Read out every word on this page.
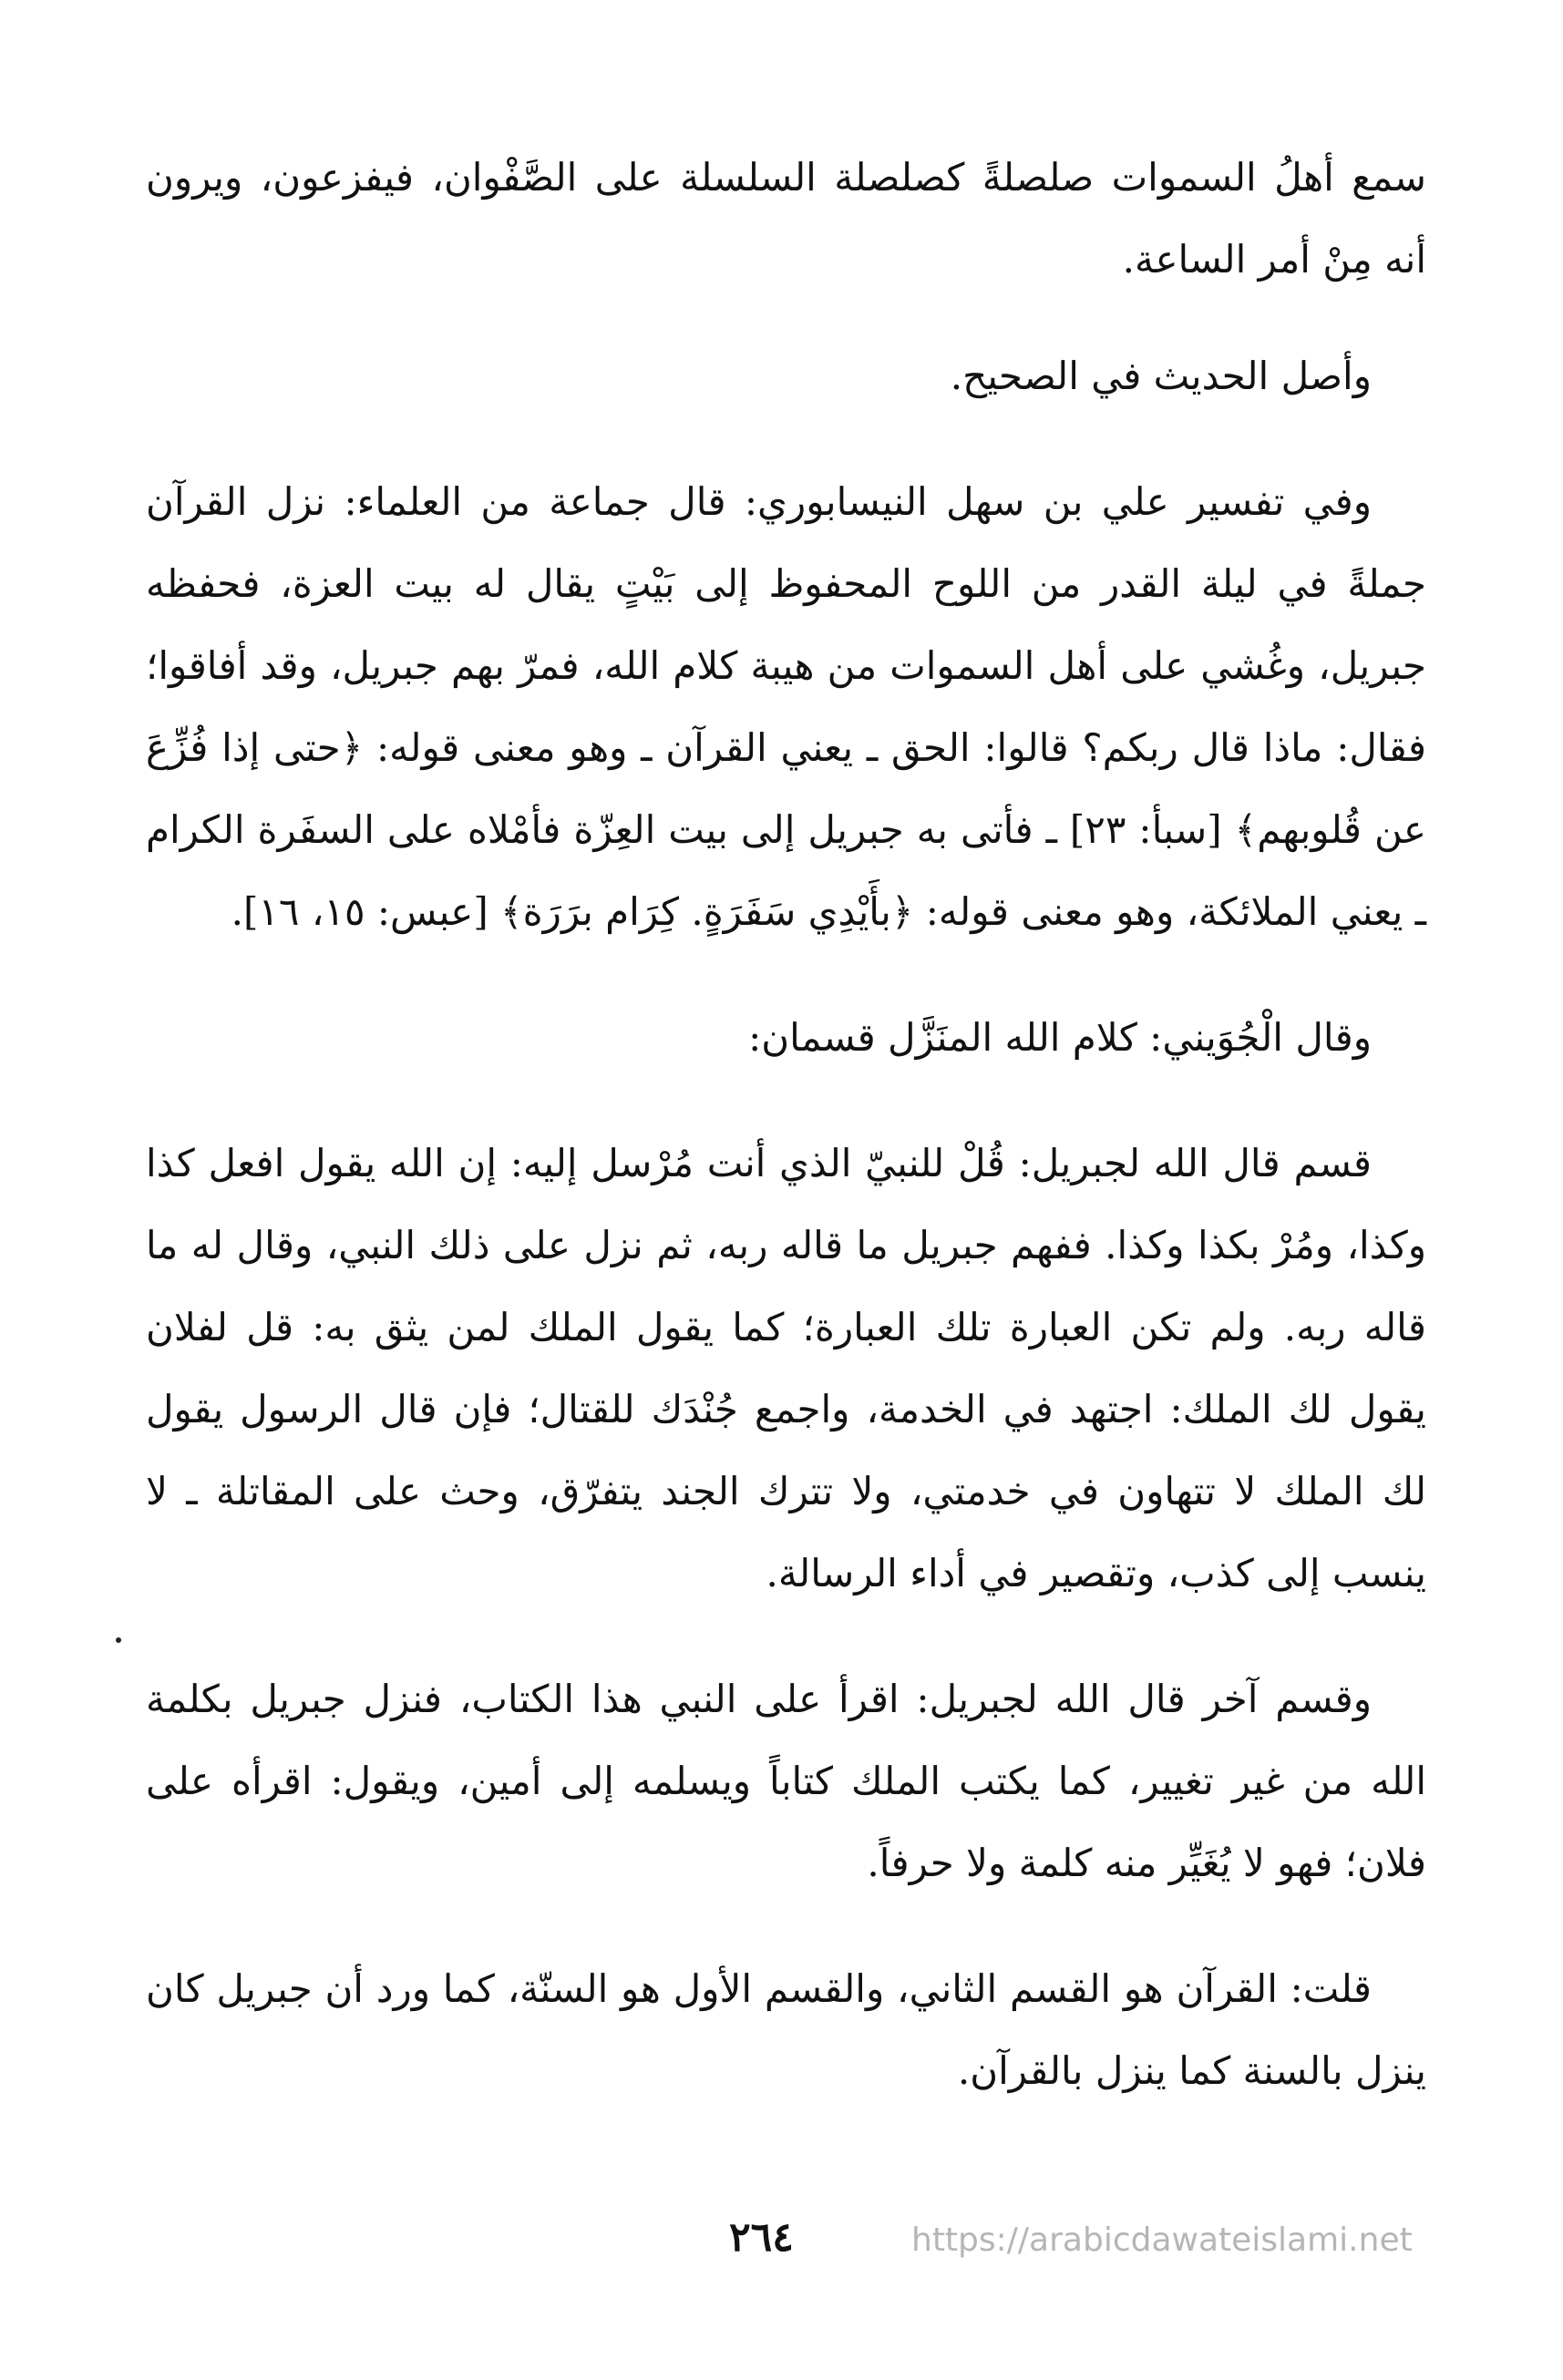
سمع أهلُ السموات صلصلةً كصلصلة السلسلة على الصَّفْوان، فيفزعون، ويرون أنه مِنْ أمر الساعة.

وأصل الحديث في الصحيح.

وفي تفسير علي بن سهل النيسابوري: قال جماعة من العلماء: نزل القرآن جملةً في ليلة القدر من اللوح المحفوظ إلى بَيْتٍ يقال له بيت العزة، فحفظه جبريل، وغُشي على أهل السموات من هيبة كلام الله، فمرّ بهم جبريل، وقد أفاقوا؛ فقال: ماذا قال ربكم؟ قالوا: الحق ـ يعني القرآن ـ وهو معنى قوله: ﴿حتى إذا فُزِّعَ عن قُلوبهم﴾ [سبأ: ٢٣] ـ فأتى به جبريل إلى بيت العِزّة فأمْلاه على السفَرة الكرام ـ يعني الملائكة، وهو معنى قوله: ﴿بأَيْدِي سَفَرَةٍ. كِرَام برَرَة﴾ [عبس: ١٥، ١٦].

وقال الْجُوَيني: كلام الله المنَزَّل قسمان:

قسم قال الله لجبريل: قُلْ للنبيّ الذي أنت مُرْسل إليه: إن الله يقول افعل كذا وكذا، ومُرْ بكذا وكذا. ففهم جبريل ما قاله ربه، ثم نزل على ذلك النبي، وقال له ما قاله ربه. ولم تكن العبارة تلك العبارة؛ كما يقول الملك لمن يثق به: قل لفلان يقول لك الملك: اجتهد في الخدمة، واجمع جُنْدَك للقتال؛ فإن قال الرسول يقول لك الملك لا تتهاون في خدمتي، ولا تترك الجند يتفرّق، وحث على المقاتلة ـ لا ينسب إلى كذب، وتقصير في أداء الرسالة.

وقسم آخر قال الله لجبريل: اقرأ على النبي هذا الكتاب، فنزل جبريل بكلمة الله من غير تغيير، كما يكتب الملك كتاباً ويسلمه إلى أمين، ويقول: اقرأه على فلان؛ فهو لا يُغَيِّر منه كلمة ولا حرفاً.

قلت: القرآن هو القسم الثاني، والقسم الأول هو السنّة، كما ورد أن جبريل كان ينزل بالسنة كما ينزل بالقرآن.

٢٦٤	https://arabicdawateislami.net
